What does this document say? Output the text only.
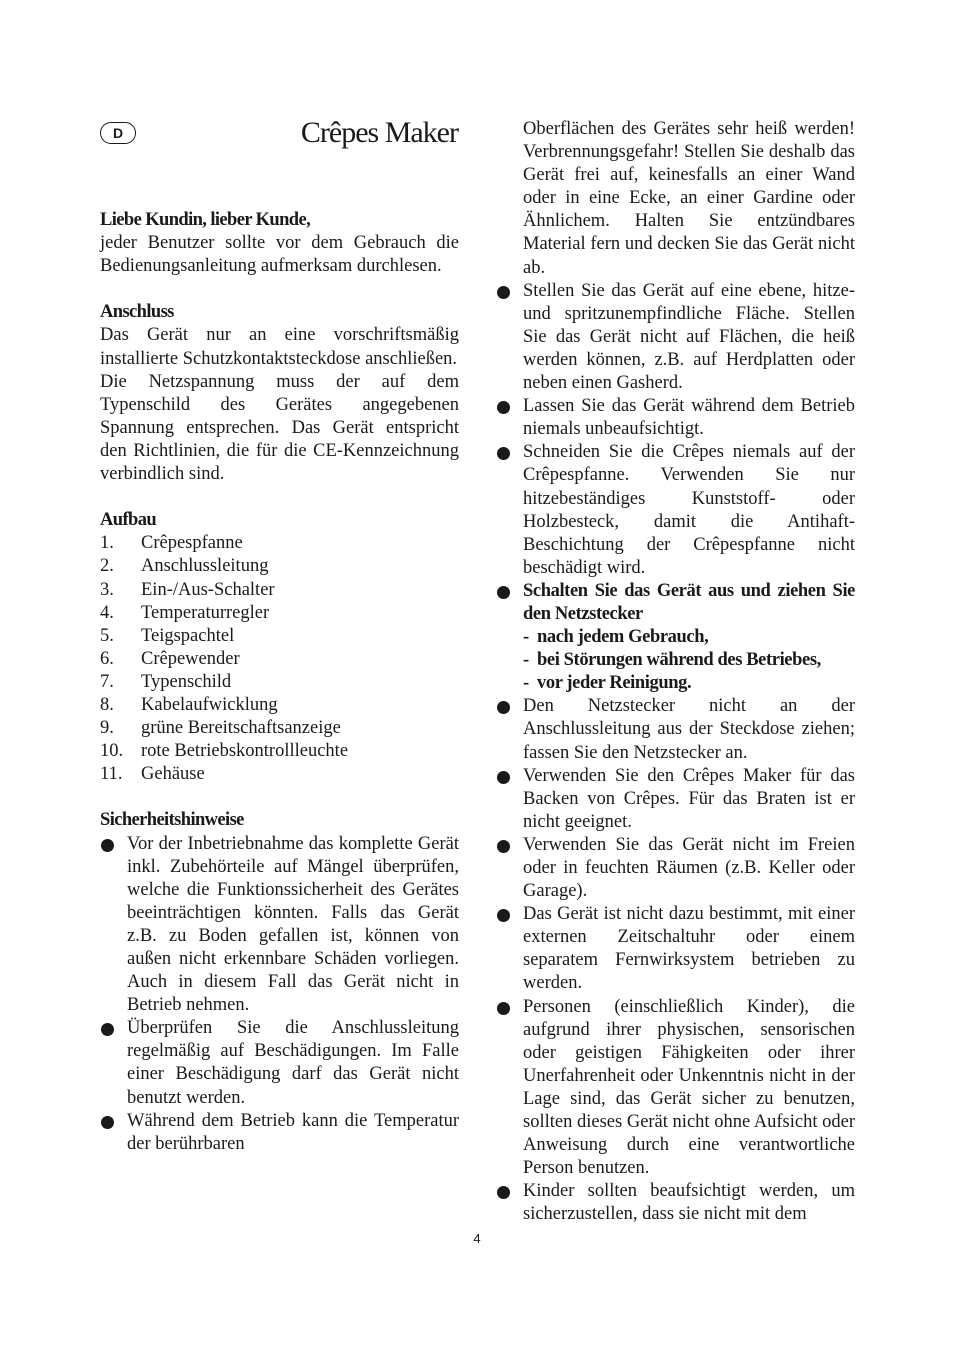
D	Crêpes Maker

Liebe Kundin, lieber Kunde,

jeder Benutzer sollte vor dem Gebrauch die Bedienungsanleitung aufmerksam durchlesen.

Anschluss

Das Gerät nur an eine vorschriftsmäßig installierte Schutzkontaktsteckdose anschließen.

Die Netzspannung muss der auf dem Typenschild des Gerätes angegebenen Spannung entsprechen. Das Gerät entspricht den Richtlinien, die für die CE-Kennzeichnung verbindlich sind.

Aufbau

1.	Crêpespfanne
2.	Anschlussleitung
3.	Ein-/Aus-Schalter
4.	Temperaturregler
5.	Teigspachtel
6.	Crêpewender
7.	Typenschild
8.	Kabelaufwicklung
9.	grüne Bereitschaftsanzeige
10. rote Betriebskontrollleuchte
11.	Gehäuse

Sicherheitshinweise

Vor der Inbetriebnahme das komplette Gerät inkl. Zubehörteile auf Mängel überprüfen, welche die Funktionssicherheit des Gerätes beeinträchtigen könnten. Falls das Gerät z.B. zu Boden gefallen ist, können von außen nicht erkennbare Schäden vorliegen. Auch in diesem Fall das Gerät nicht in Betrieb nehmen.
Überprüfen Sie die Anschlussleitung regelmäßig auf Beschädigungen. Im Falle einer Beschädigung darf das Gerät nicht benutzt werden.
Während dem Betrieb kann die Temperatur der berührbaren
Oberflächen des Gerätes sehr heiß werden! Verbrennungsgefahr! Stellen Sie deshalb das Gerät frei auf, keinesfalls an einer Wand oder in eine Ecke, an einer Gardine oder Ähnlichem. Halten Sie entzündbares Material fern und decken Sie das Gerät nicht ab.
Stellen Sie das Gerät auf eine ebene, hitze- und spritzunempfindliche Fläche. Stellen Sie das Gerät nicht auf Flächen, die heiß werden können, z.B. auf Herdplatten oder neben einen Gasherd.
Lassen Sie das Gerät während dem Betrieb niemals unbeaufsichtigt.
Schneiden Sie die Crêpes niemals auf der Crêpespfanne. Verwenden Sie nur hitzebeständiges Kunststoff- oder Holzbesteck, damit die Antihaft-Beschichtung der Crêpespfanne nicht beschädigt wird.
Schalten Sie das Gerät aus und ziehen Sie den Netzstecker
- nach jedem Gebrauch,
- bei Störungen während des Betriebes,
- vor jeder Reinigung.
Den Netzstecker nicht an der Anschlussleitung aus der Steckdose ziehen; fassen Sie den Netzstecker an.
Verwenden Sie den Crêpes Maker für das Backen von Crêpes. Für das Braten ist er nicht geeignet.
Verwenden Sie das Gerät nicht im Freien oder in feuchten Räumen (z.B. Keller oder Garage).
Das Gerät ist nicht dazu bestimmt, mit einer externen Zeitschaltuhr oder einem separatem Fernwirksystem betrieben zu werden.
Personen (einschließlich Kinder), die aufgrund ihrer physischen, sensorischen oder geistigen Fähigkeiten oder ihrer Unerfahrenheit oder Unkenntnis nicht in der Lage sind, das Gerät sicher zu benutzen, sollten dieses Gerät nicht ohne Aufsicht oder Anweisung durch eine verantwortliche Person benutzen.
Kinder sollten beaufsichtigt werden, um sicherzustellen, dass sie nicht mit dem
4
